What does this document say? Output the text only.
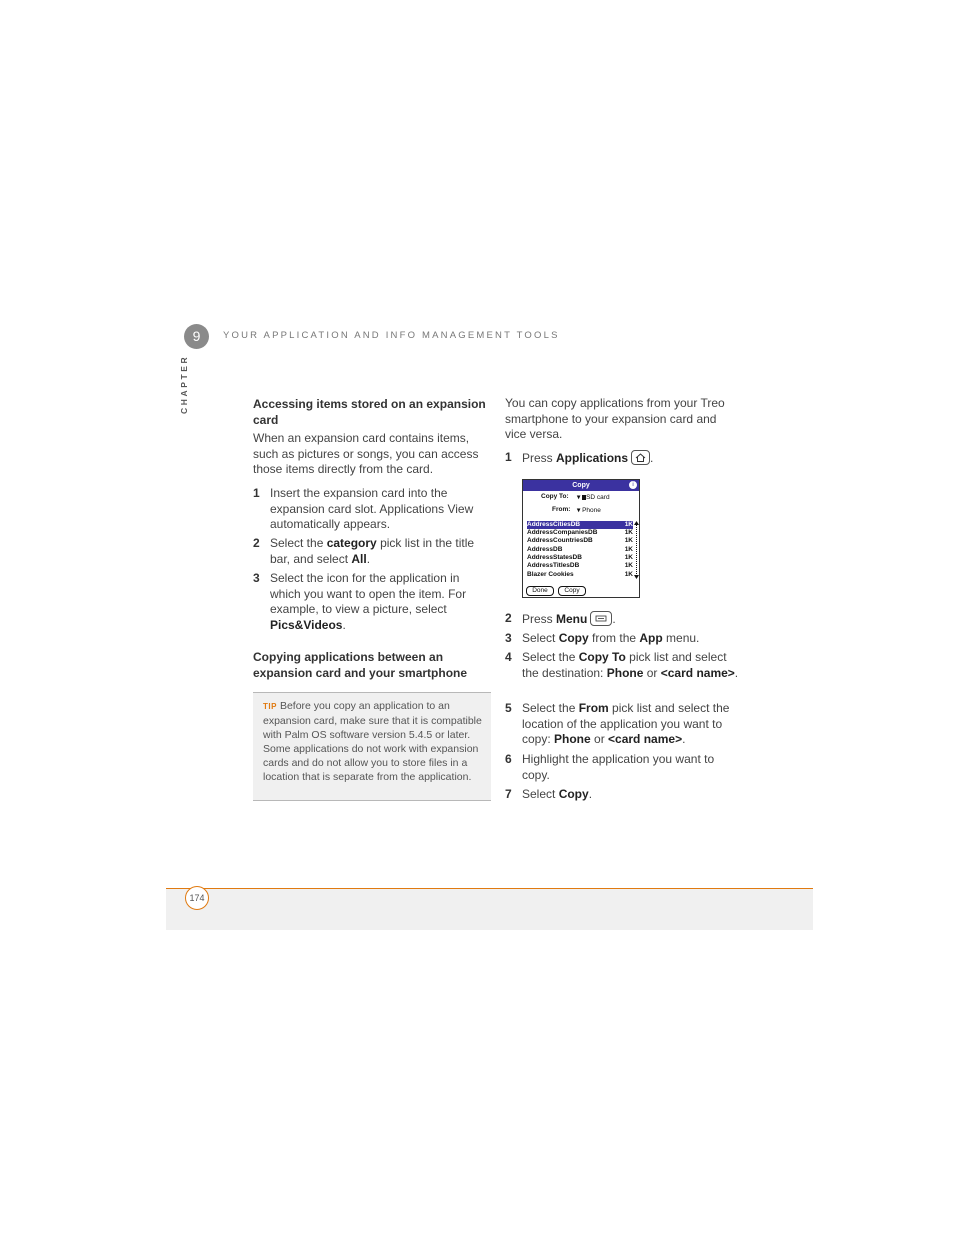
9	YOUR APPLICATION AND INFO MANAGEMENT TOOLS
CHAPTER	Accessing items stored on an expansion card

When an expansion card contains items, such as pictures or songs, you can access those items directly from the card.

1 Insert the expansion card into the expansion card slot. Applications View automatically appears.
2 Select the category pick list in the title bar, and select All.
3 Select the icon for the application in which you want to open the item. For example, to view a picture, select Pics&Videos.

Copying applications between an expansion card and your smartphone

TIP Before you copy an application to an expansion card, make sure that it is compatible with Palm OS software version 5.4.5 or later. Some applications do not work with expansion cards and do not allow you to store files in a location that is separate from the application.

You can copy applications from your Treo smartphone to your expansion card and vice versa.

1 Press Applications .
Copy	i
Copy To: ▾ SD card
From: ▾ Phone
AddressCitiesDB	1K
AddressCompaniesDB	1K
AddressCountriesDB	1K
AddressDB	1K
AddressStatesDB	1K
AddressTitlesDB	1K
Blazer Cookies	1K
Done	Copy
2 Press Menu .
3 Select Copy from the App menu.
4 Select the Copy To pick list and select the destination: Phone or <card name>.
5 Select the From pick list and select the location of the application you want to copy: Phone or <card name>.
6 Highlight the application you want to copy.
7 Select Copy.
174
